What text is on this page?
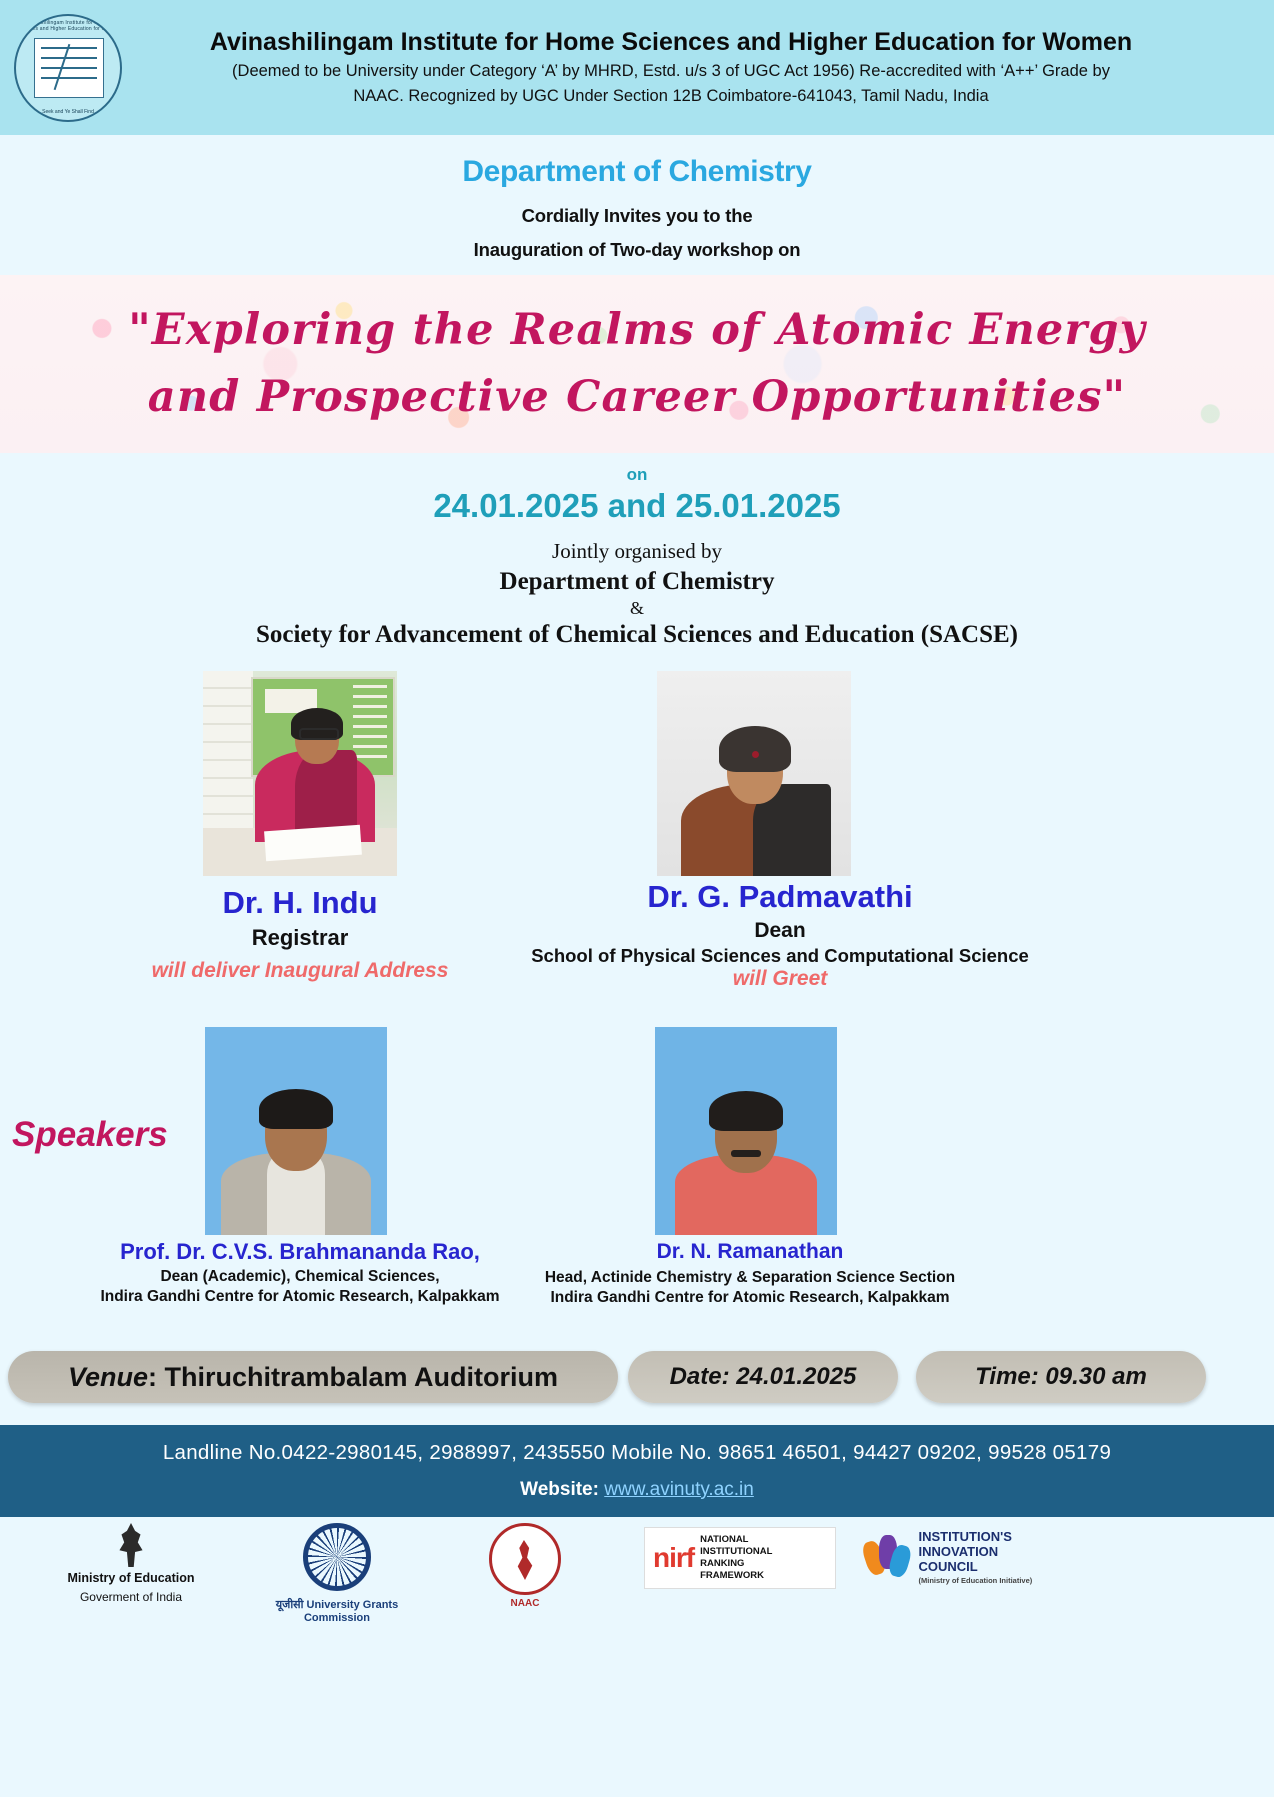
Avinashilingam Institute for Home Sciences and Higher Education for Women
Seek and Ye Shall Find
Avinashilingam Institute for Home Sciences and Higher Education for Women
(Deemed to be University under Category ‘A’ by MHRD, Estd. u/s 3 of UGC Act 1956) Re-accredited with ‘A++’ Grade by
NAAC. Recognized by UGC Under Section 12B Coimbatore-641043, Tamil Nadu, India
Department of Chemistry
Cordially Invites you to the
Inauguration of Two-day workshop on
"Exploring the Realms of Atomic Energy
and Prospective Career Opportunities"
on
24.01.2025 and 25.01.2025
Jointly organised by
Department of Chemistry
&
Society for Advancement of Chemical Sciences and Education (SACSE)
Dr. H. Indu
Registrar
will deliver Inaugural Address
Dr. G. Padmavathi
Dean
School of Physical Sciences and Computational Science
will Greet
Speakers
Prof. Dr. C.V.S. Brahmananda Rao,
Dean (Academic), Chemical Sciences,
Indira Gandhi Centre for Atomic Research, Kalpakkam
Dr. N. Ramanathan
Head, Actinide Chemistry & Separation Science Section
Indira Gandhi Centre for Atomic Research, Kalpakkam
Venue : Thiruchitrambalam Auditorium	Date: 24.01.2025	Time: 09.30 am
Landline No.0422-2980145, 2988997, 2435550 Mobile No. 98651 46501, 94427 09202, 99528 05179
Website: www.avinuty.ac.in
Ministry of Education
Goverment of India
यूजीसी University Grants Commission
NAAC
nirf
NATIONAL
INSTITUTIONAL
RANKING
FRAMEWORK
INSTITUTION'S
INNOVATION
COUNCIL
(Ministry of Education Initiative)
